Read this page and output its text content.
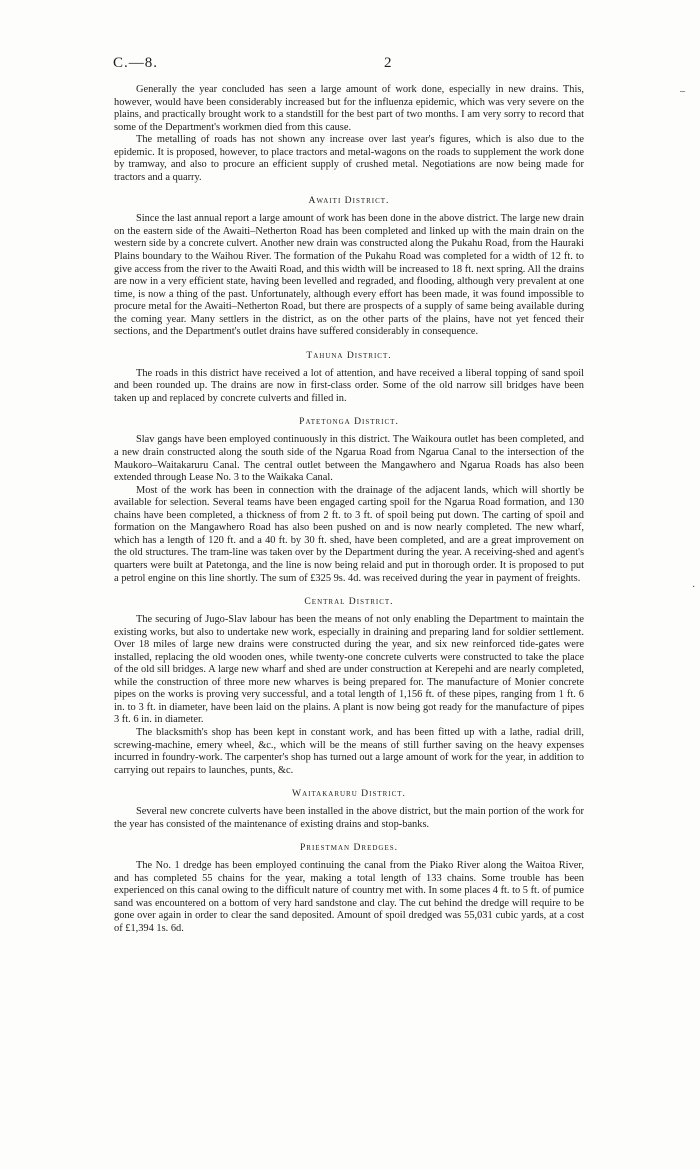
C.—8.	2

Generally the year concluded has seen a large amount of work done, especially in new drains. This, however, would have been considerably increased but for the influenza epidemic, which was very severe on the plains, and practically brought work to a standstill for the best part of two months. I am very sorry to record that some of the Department's workmen died from this cause.

The metalling of roads has not shown any increase over last year's figures, which is also due to the epidemic. It is proposed, however, to place tractors and metal-wagons on the roads to supplement the work done by tramway, and also to procure an efficient supply of crushed metal. Negotiations are now being made for tractors and a quarry.

Awaiti District.

Since the last annual report a large amount of work has been done in the above district. The large new drain on the eastern side of the Awaiti–Netherton Road has been completed and linked up with the main drain on the western side by a concrete culvert. Another new drain was constructed along the Pukahu Road, from the Hauraki Plains boundary to the Waihou River. The formation of the Pukahu Road was completed for a width of 12 ft. to give access from the river to the Awaiti Road, and this width will be increased to 18 ft. next spring. All the drains are now in a very efficient state, having been levelled and regraded, and flooding, although very prevalent at one time, is now a thing of the past. Unfortunately, although every effort has been made, it was found impossible to procure metal for the Awaiti–Netherton Road, but there are prospects of a supply of same being available during the coming year. Many settlers in the district, as on the other parts of the plains, have not yet fenced their sections, and the Department's outlet drains have suffered considerably in consequence.

Tahuna District.

The roads in this district have received a lot of attention, and have received a liberal topping of sand spoil and been rounded up. The drains are now in first-class order. Some of the old narrow sill bridges have been taken up and replaced by concrete culverts and filled in.

Patetonga District.

Slav gangs have been employed continuously in this district. The Waikoura outlet has been completed, and a new drain constructed along the south side of the Ngarua Road from Ngarua Canal to the intersection of the Maukoro–Waitakaruru Canal. The central outlet between the Mangawhero and Ngarua Roads has also been extended through Lease No. 3 to the Waikaka Canal.

Most of the work has been in connection with the drainage of the adjacent lands, which will shortly be available for selection. Several teams have been engaged carting spoil for the Ngarua Road formation, and 130 chains have been completed, a thickness of from 2 ft. to 3 ft. of spoil being put down. The carting of spoil and formation on the Mangawhero Road has also been pushed on and is now nearly completed. The new wharf, which has a length of 120 ft. and a 40 ft. by 30 ft. shed, have been completed, and are a great improvement on the old structures. The tram-line was taken over by the Department during the year. A receiving-shed and agent's quarters were built at Patetonga, and the line is now being relaid and put in thorough order. It is proposed to put a petrol engine on this line shortly. The sum of £325 9s. 4d. was received during the year in payment of freights.

Central District.

The securing of Jugo-Slav labour has been the means of not only enabling the Department to maintain the existing works, but also to undertake new work, especially in draining and preparing land for soldier settlement. Over 18 miles of large new drains were constructed during the year, and six new reinforced tide-gates were installed, replacing the old wooden ones, while twenty-one concrete culverts were constructed to take the place of the old sill bridges. A large new wharf and shed are under construction at Kerepehi and are nearly completed, while the construction of three more new wharves is being prepared for. The manufacture of Monier concrete pipes on the works is proving very successful, and a total length of 1,156 ft. of these pipes, ranging from 1 ft. 6 in. to 3 ft. in diameter, have been laid on the plains. A plant is now being got ready for the manufacture of pipes 3 ft. 6 in. in diameter.

The blacksmith's shop has been kept in constant work, and has been fitted up with a lathe, radial drill, screwing-machine, emery wheel, &c., which will be the means of still further saving on the heavy expenses incurred in foundry-work. The carpenter's shop has turned out a large amount of work for the year, in addition to carrying out repairs to launches, punts, &c.

Waitakaruru District.

Several new concrete culverts have been installed in the above district, but the main portion of the work for the year has consisted of the maintenance of existing drains and stop-banks.

Priestman Dredges.

The No. 1 dredge has been employed continuing the canal from the Piako River along the Waitoa River, and has completed 55 chains for the year, making a total length of 133 chains. Some trouble has been experienced on this canal owing to the difficult nature of country met with. In some places 4 ft. to 5 ft. of pumice sand was encountered on a bottom of very hard sandstone and clay. The cut behind the dredge will require to be gone over again in order to clear the sand deposited. Amount of spoil dredged was 55,031 cubic yards, at a cost of £1,394 1s. 6d.

–
·
